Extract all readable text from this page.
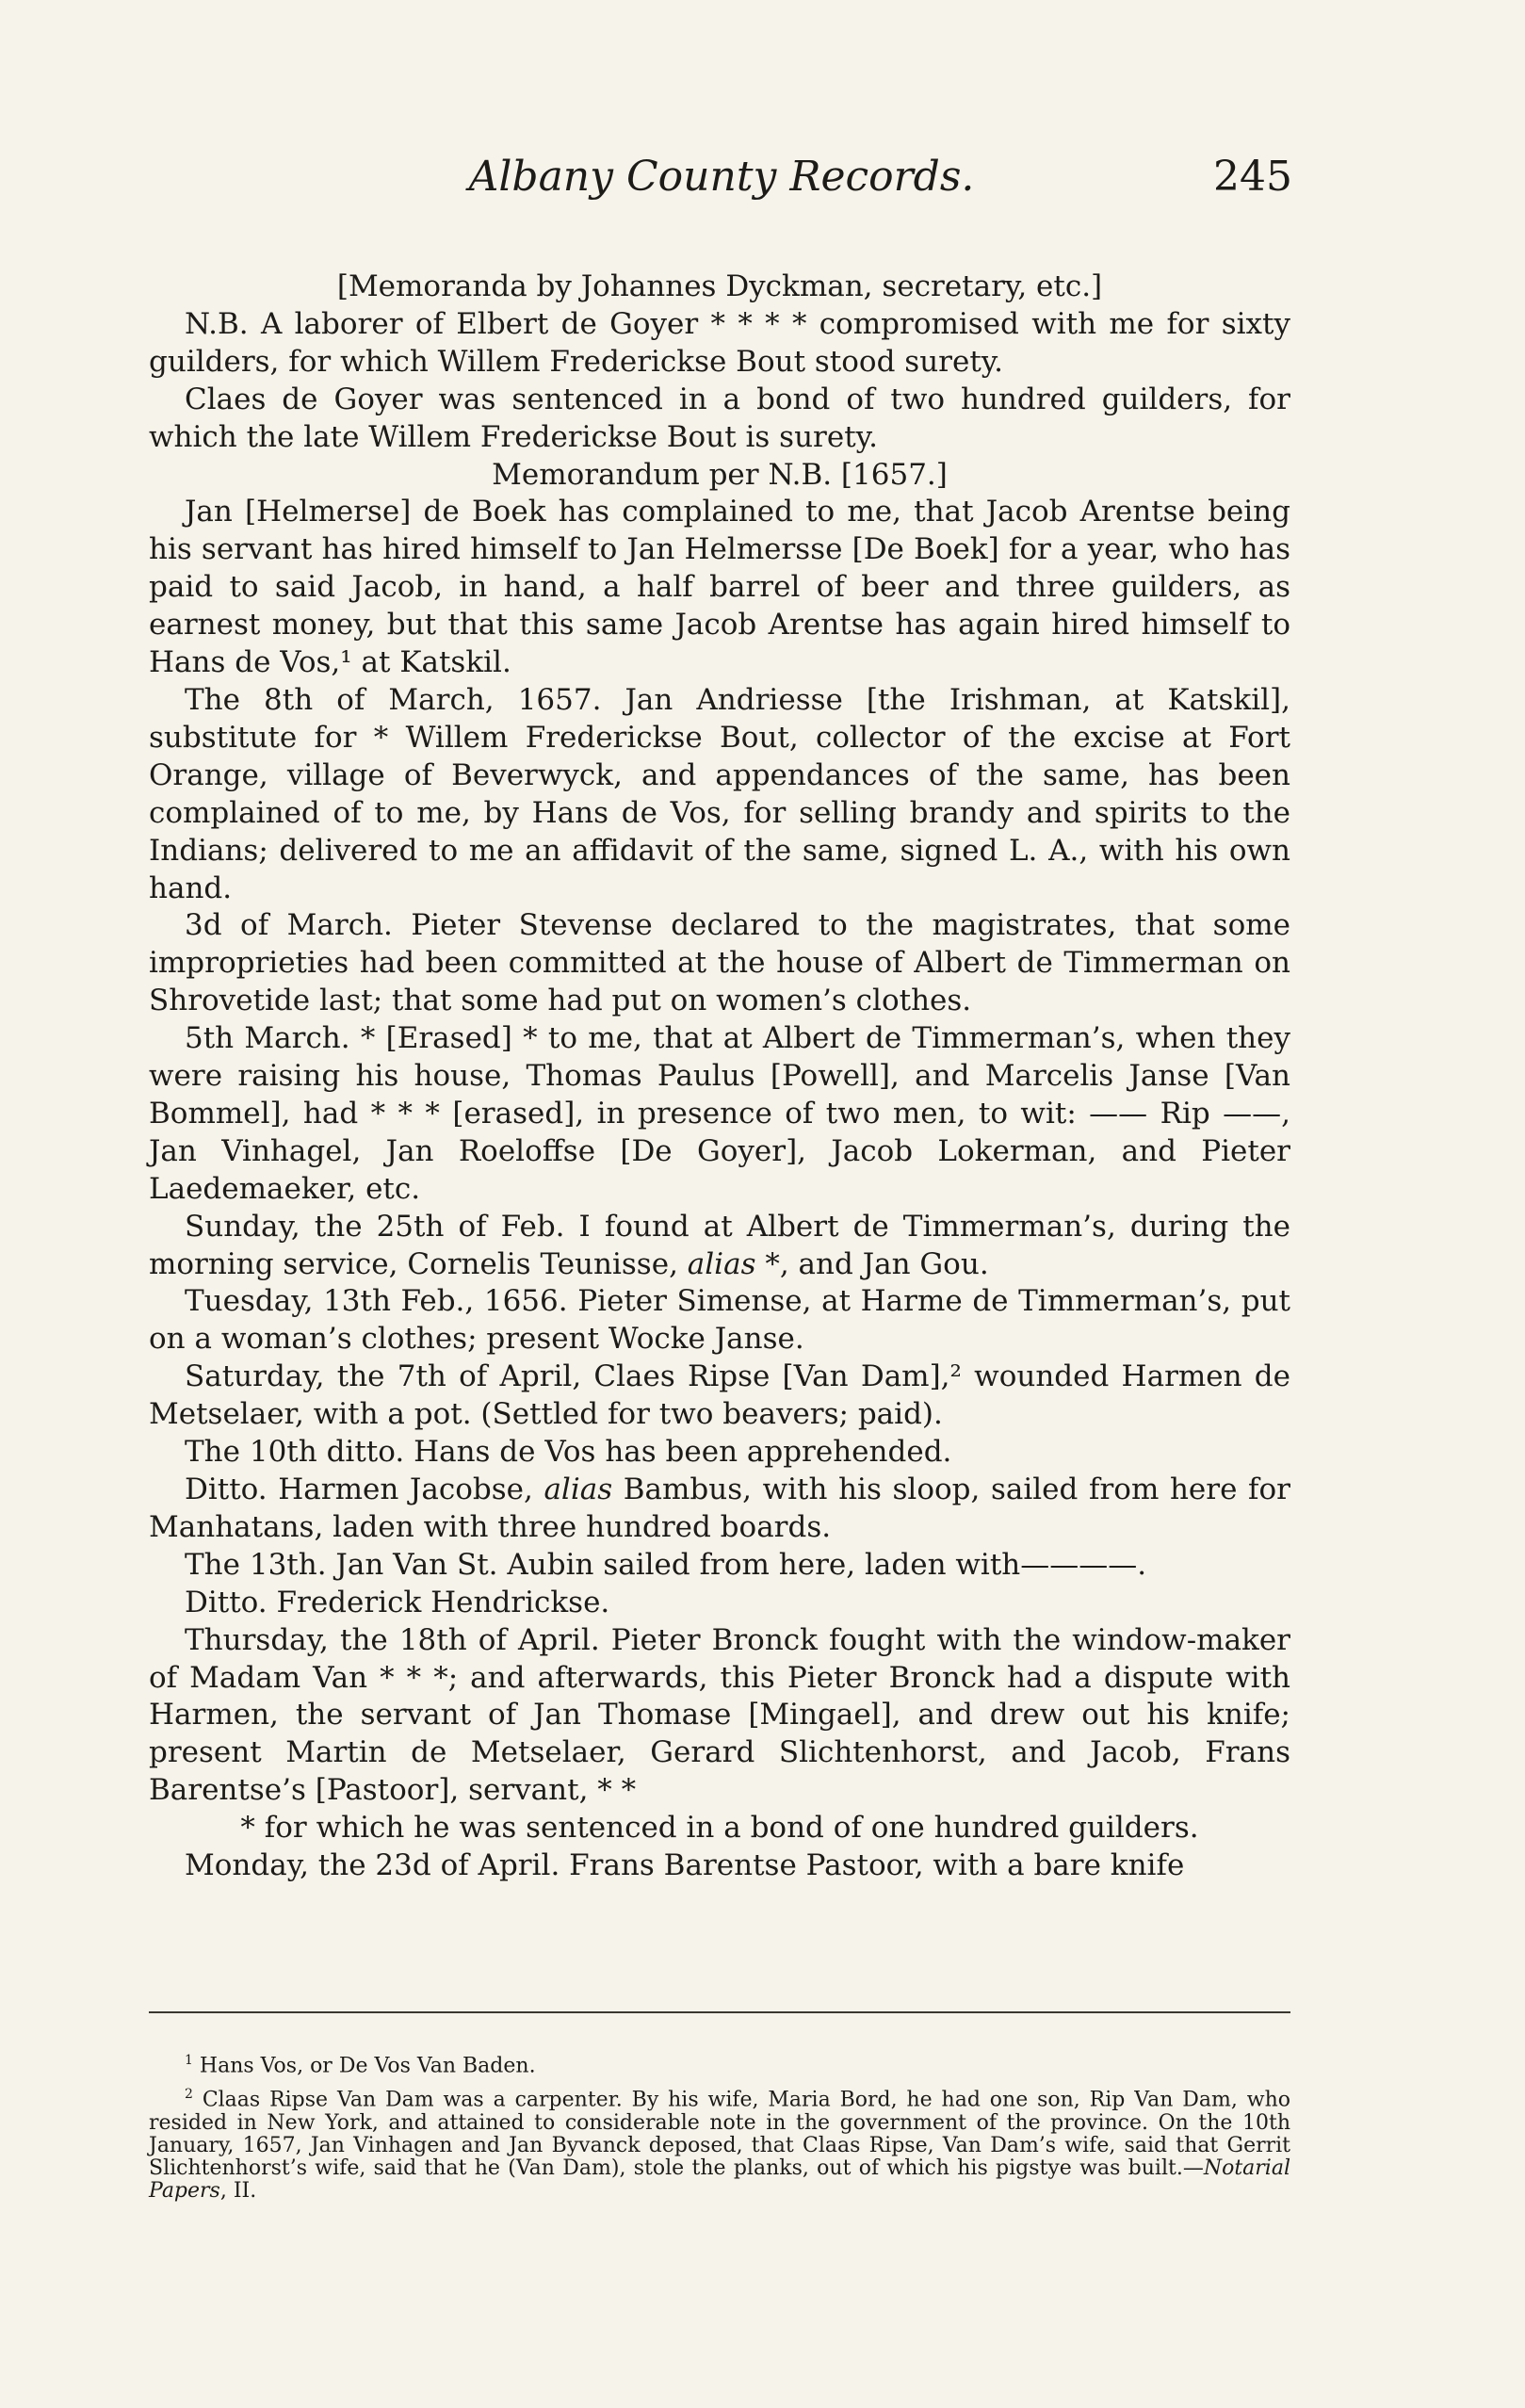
Albany County Records.	245

[Memoranda by Johannes Dyckman, secretary, etc.]

N.B. A laborer of Elbert de Goyer * * * * compromised with me for sixty guilders, for which Willem Frederickse Bout stood surety.

Claes de Goyer was sentenced in a bond of two hundred guilders, for which the late Willem Frederickse Bout is surety.

Memorandum per N.B. [1657.]

Jan [Helmerse] de Boek has complained to me, that Jacob Arentse being his servant has hired himself to Jan Helmersse [De Boek] for a year, who has paid to said Jacob, in hand, a half barrel of beer and three guilders, as earnest money, but that this same Jacob Arentse has again hired himself to Hans de Vos,¹ at Katskil.

The 8th of March, 1657. Jan Andriesse [the Irishman, at Katskil], substitute for * Willem Frederickse Bout, collector of the excise at Fort Orange, village of Beverwyck, and appendances of the same, has been complained of to me, by Hans de Vos, for selling brandy and spirits to the Indians; delivered to me an affidavit of the same, signed L. A., with his own hand.

3d of March. Pieter Stevense declared to the magistrates, that some improprieties had been committed at the house of Albert de Timmerman on Shrovetide last; that some had put on women’s clothes.

5th March. * [Erased] * to me, that at Albert de Timmerman’s, when they were raising his house, Thomas Paulus [Powell], and Marcelis Janse [Van Bommel], had * * * [erased], in presence of two men, to wit: —— Rip ——, Jan Vinhagel, Jan Roeloffse [De Goyer], Jacob Lokerman, and Pieter Laedemaeker, etc.

Sunday, the 25th of Feb. I found at Albert de Timmerman’s, during the morning service, Cornelis Teunisse, alias *, and Jan Gou.

Tuesday, 13th Feb., 1656. Pieter Simense, at Harme de Timmerman’s, put on a woman’s clothes; present Wocke Janse.

Saturday, the 7th of April, Claes Ripse [Van Dam],² wounded Harmen de Metselaer, with a pot. (Settled for two beavers; paid).

The 10th ditto. Hans de Vos has been apprehended.

Ditto. Harmen Jacobse, alias Bambus, with his sloop, sailed from here for Manhatans, laden with three hundred boards.

The 13th. Jan Van St. Aubin sailed from here, laden with————.

Ditto. Frederick Hendrickse.

Thursday, the 18th of April. Pieter Bronck fought with the window-maker of Madam Van * * *; and afterwards, this Pieter Bronck had a dispute with Harmen, the servant of Jan Thomase [Mingael], and drew out his knife; present Martin de Metselaer, Gerard Slichtenhorst, and Jacob, Frans Barentse’s [Pastoor], servant, * *

* for which he was sentenced in a bond of one hundred guilders.

Monday, the 23d of April. Frans Barentse Pastoor, with a bare knife

$^1$ Hans Vos, or De Vos Van Baden.

$^2$ Claas Ripse Van Dam was a carpenter. By his wife, Maria Bord, he had one son, Rip Van Dam, who resided in New York, and attained to considerable note in the government of the province. On the 10th January, 1657, Jan Vinhagen and Jan Byvanck deposed, that Claas Ripse, Van Dam’s wife, said that Gerrit Slichtenhorst’s wife, said that he (Van Dam), stole the planks, out of which his pigstye was built.—Notarial Papers, II.
